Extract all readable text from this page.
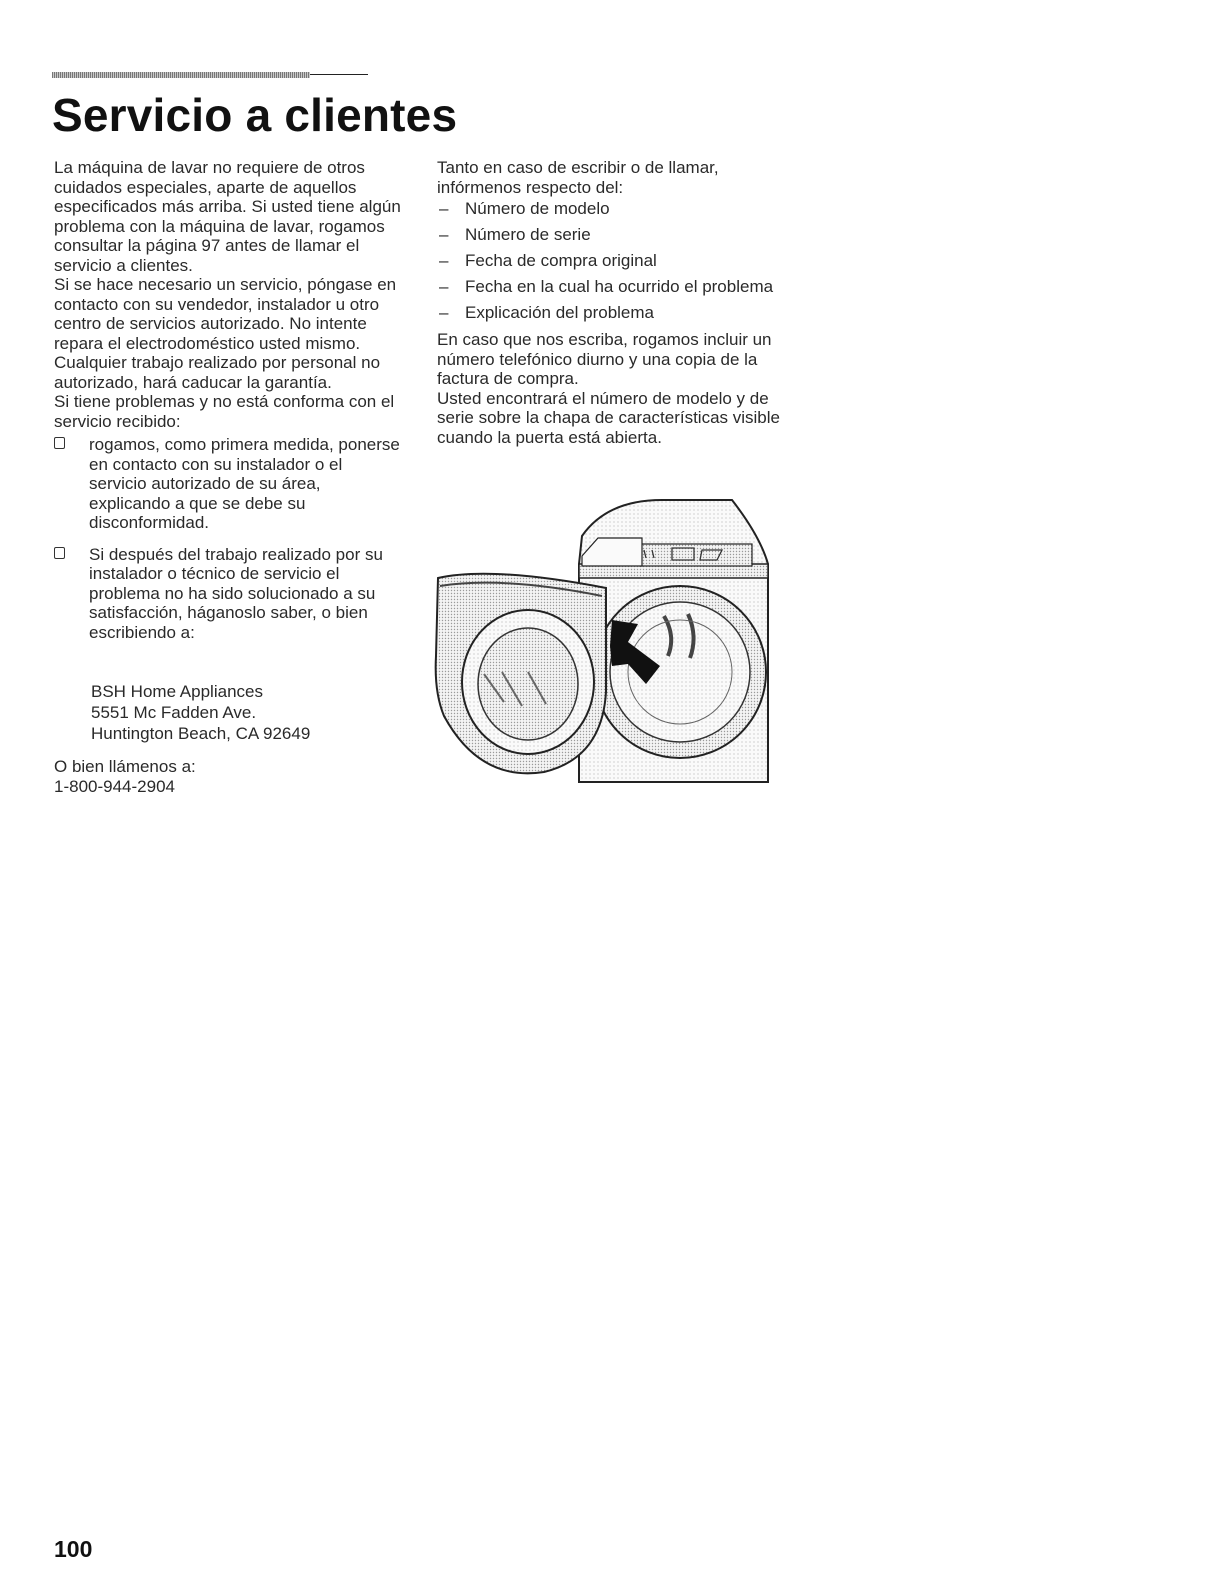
Servicio a clientes

La máquina de lavar no requiere de otros cuidados especiales, aparte de aquellos especificados más arriba. Si usted tiene algún problema con la máquina de lavar, rogamos consultar la página 97 antes de llamar el servicio a clientes.

Si se hace necesario un servicio, póngase en contacto con su vendedor, instalador u otro centro de servicios autorizado. No intente repara el electrodoméstico usted mismo. Cualquier trabajo realizado por personal no autorizado, hará caducar la garantía.

Si tiene problemas y no está conforma con el servicio recibido:

rogamos, como primera medida, ponerse en contacto con su instalador o el servicio autorizado de su área, explicando a que se debe su disconformidad.
Si después del trabajo realizado por su instalador o técnico de servicio el problema no ha sido solucionado a su satisfacción, háganoslo saber, o bien escribiendo a:
BSH Home Appliances
5551 Mc Fadden Ave.
Huntington Beach, CA 92649

O bien llámenos a:

1-800-944-2904

Tanto en caso de escribir o de llamar, infórmenos respecto del:

– Número de modelo
– Número de serie
– Fecha de compra original
– Fecha en la cual ha ocurrido el problema
– Explicación del problema

En caso que nos escriba, rogamos incluir un número telefónico diurno y una copia de la factura de compra.

Usted encontrará el número de modelo y de serie sobre la chapa de características visible cuando la puerta está abierta.

100
